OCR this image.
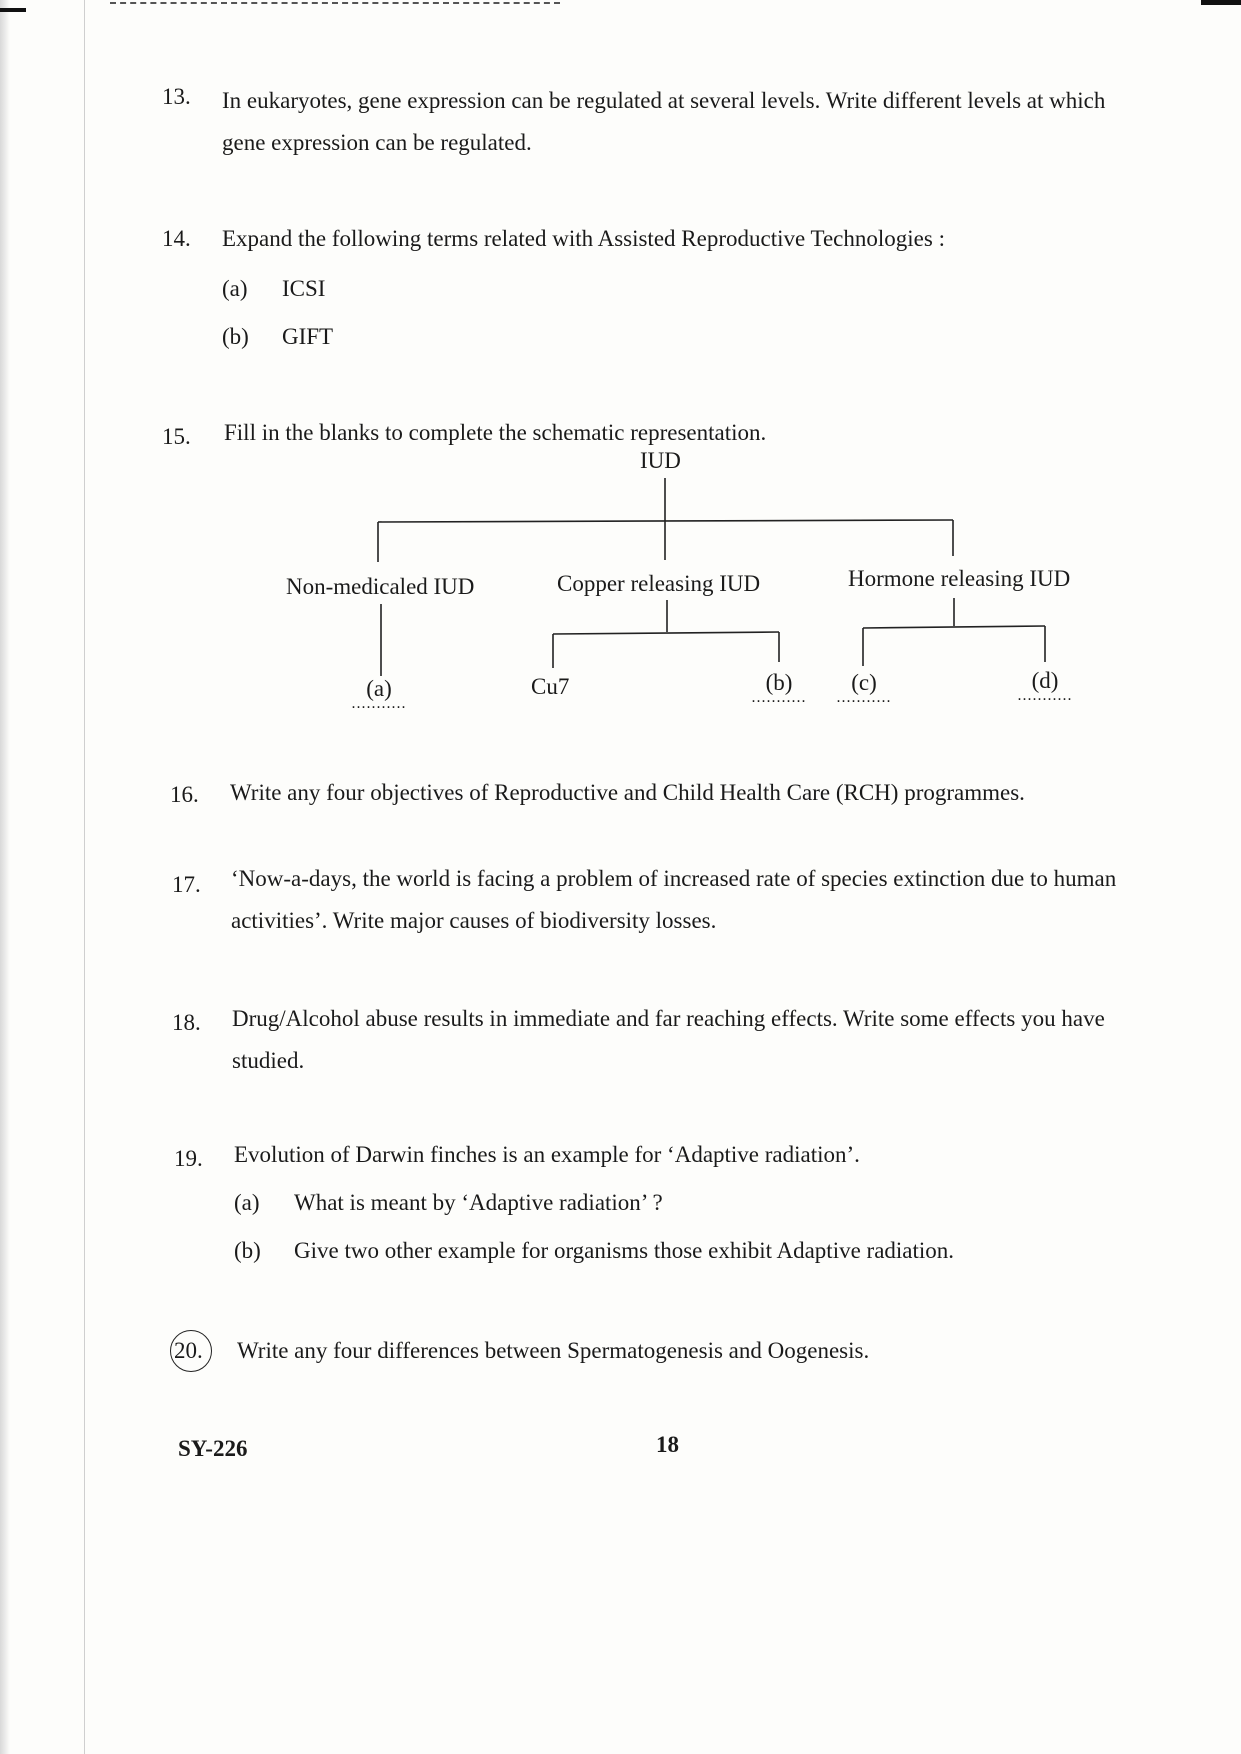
13. In eukaryotes, gene expression can be regulated at several levels. Write different levels at which gene expression can be regulated.
14. Expand the following terms related with Assisted Reproductive Technologies :
(a) ICSI
(b) GIFT
15. Fill in the blanks to complete the schematic representation.
IUD
Non-medicaled IUD	Copper releasing IUD	Hormone releasing IUD
(a)
...........
Cu7	(b)
...........
(c)
...........
(d)
...........
16. Write any four objectives of Reproductive and Child Health Care (RCH) programmes.
17. ‘Now-a-days, the world is facing a problem of increased rate of species extinction due to human activities’. Write major causes of biodiversity losses.
18. Drug/Alcohol abuse results in immediate and far reaching effects. Write some effects you have studied.
19. Evolution of Darwin finches is an example for ‘Adaptive radiation’.
(a) What is meant by ‘Adaptive radiation’ ?
(b) Give two other example for organisms those exhibit Adaptive radiation.
20. Write any four differences between Spermatogenesis and Oogenesis.
SY-226	18
